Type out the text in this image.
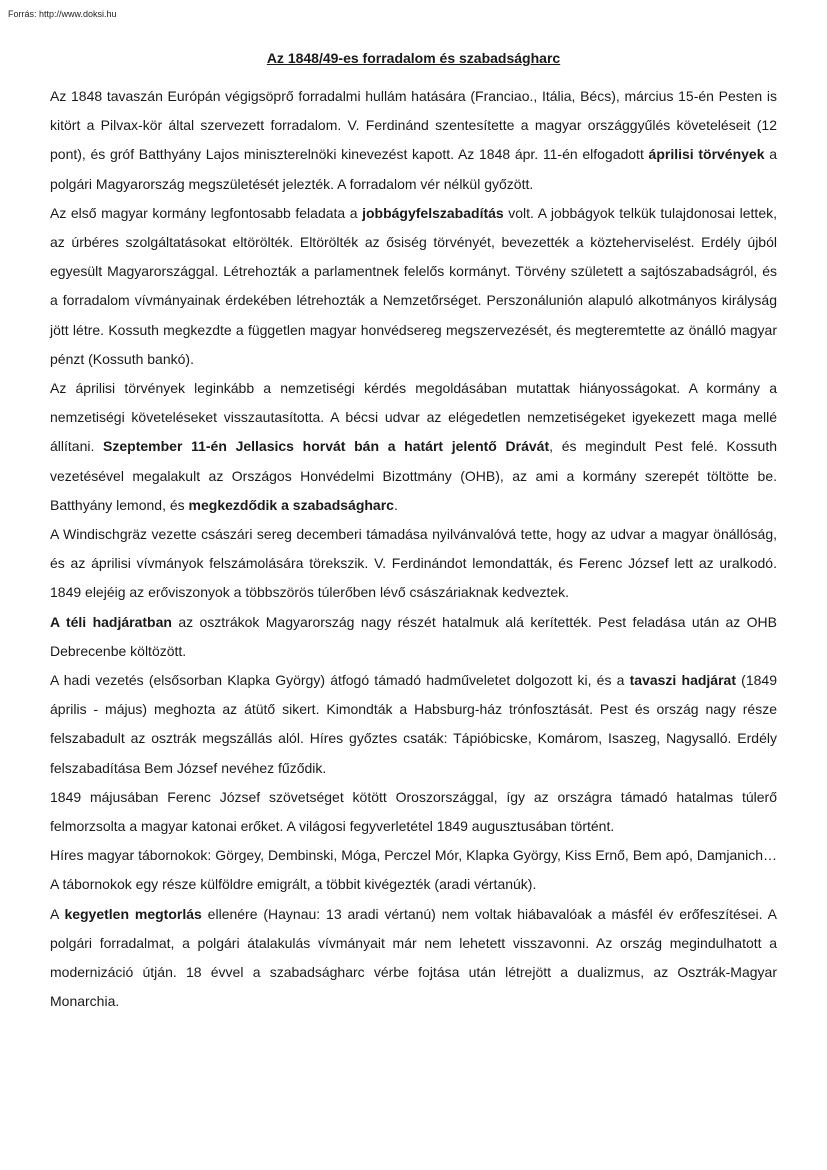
Forrás: http://www.doksi.hu
Az 1848/49-es forradalom és szabadságharc

Az 1848 tavaszán Európán végigsöprő forradalmi hullám hatására (Franciao., Itália, Bécs), március 15-én Pesten is kitört a Pilvax-kör által szervezett forradalom. V. Ferdinánd szentesítette a magyar országgyűlés követeléseit (12 pont), és gróf Batthyány Lajos miniszterelnöki kinevezést kapott. Az 1848 ápr. 11-én elfogadott áprilisi törvények a polgári Magyarország megszületését jelezték. A forradalom vér nélkül győzött.

Az első magyar kormány legfontosabb feladata a jobbágyfelszabadítás volt. A jobbágyok telkük tulajdonosai lettek, az úrbéres szolgáltatásokat eltörölték. Eltörölték az ősiség törvényét, bevezették a közteherviselést. Erdély újból egyesült Magyarországgal. Létrehozták a parlamentnek felelős kormányt. Törvény született a sajtószabadságról, és a forradalom vívmányainak érdekében létrehozták a Nemzetőrséget. Perszonálunión alapuló alkotmányos királyság jött létre. Kossuth megkezdte a független magyar honvédsereg megszervezését, és megteremtette az önálló magyar pénzt (Kossuth bankó).

Az áprilisi törvények leginkább a nemzetiségi kérdés megoldásában mutattak hiányosságokat. A kormány a nemzetiségi követeléseket visszautasította. A bécsi udvar az elégedetlen nemzetiségeket igyekezett maga mellé állítani. Szeptember 11-én Jellasics horvát bán a határt jelentő Drávát, és megindult Pest felé. Kossuth vezetésével megalakult az Országos Honvédelmi Bizottmány (OHB), az ami a kormány szerepét töltötte be. Batthyány lemond, és megkezdődik a szabadságharc.

A Windischgrӓz vezette császári sereg decemberi támadása nyilvánvalóvá tette, hogy az udvar a magyar önállóság, és az áprilisi vívmányok felszámolására törekszik. V. Ferdinándot lemondatták, és Ferenc József lett az uralkodó. 1849 elejéig az erőviszonyok a többszörös túlerőben lévő császáriaknak kedveztek.

A téli hadjáratban az osztrákok Magyarország nagy részét hatalmuk alá kerítették. Pest feladása után az OHB Debrecenbe költözött.

A hadi vezetés (elsősorban Klapka György) átfogó támadó hadműveletet dolgozott ki, és a tavaszi hadjárat (1849 április - május) meghozta az átütő sikert. Kimondták a Habsburg-ház trónfosztását. Pest és ország nagy része felszabadult az osztrák megszállás alól. Híres győztes csaták: Tápióbicske, Komárom, Isaszeg, Nagysalló. Erdély felszabadítása Bem József nevéhez fűződik.

1849 májusában Ferenc József szövetséget kötött Oroszországgal, így az országra támadó hatalmas túlerő felmorzsolta a magyar katonai erőket. A világosi fegyverletétel 1849 augusztusában történt.

Híres magyar tábornokok: Görgey, Dembinski, Móga, Perczel Mór, Klapka György, Kiss Ernő, Bem apó, Damjanich… A tábornokok egy része külföldre emigrált, a többit kivégezték (aradi vértanúk).

A kegyetlen megtorlás ellenére (Haynau: 13 aradi vértanú) nem voltak hiábavalóak a másfél év erőfeszítései. A polgári forradalmat, a polgári átalakulás vívmányait már nem lehetett visszavonni. Az ország megindulhatott a modernizáció útján. 18 évvel a szabadságharc vérbe fojtása után létrejött a dualizmus, az Osztrák-Magyar Monarchia.
